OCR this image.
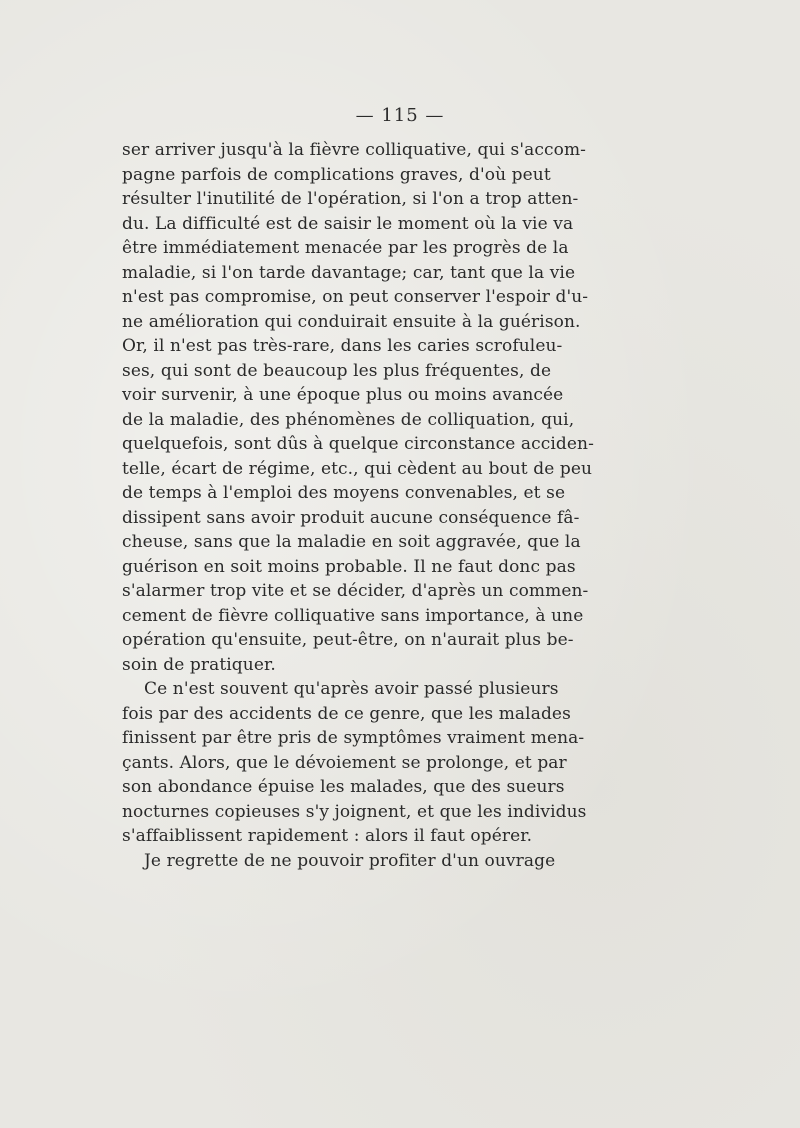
— 115 —
ser arriver jusqu'à la fièvre colliquative, qui s'accom-
pagne parfois de complications graves, d'où peut
résulter l'inutilité de l'opération, si l'on a trop atten-
du. La difficulté est de saisir le moment où la vie va
être immédiatement menacée par les progrès de la
maladie, si l'on tarde davantage; car, tant que la vie
n'est pas compromise, on peut conserver l'espoir d'u-
ne amélioration qui conduirait ensuite à la guérison.
Or, il n'est pas très-rare, dans les caries scrofuleu-
ses, qui sont de beaucoup les plus fréquentes, de
voir survenir, à une époque plus ou moins avancée
de la maladie, des phénomènes de colliquation, qui,
quelquefois, sont dûs à quelque circonstance acciden-
telle, écart de régime, etc., qui cèdent au bout de peu
de temps à l'emploi des moyens convenables, et se
dissipent sans avoir produit aucune conséquence fâ-
cheuse, sans que la maladie en soit aggravée, que la
guérison en soit moins probable. Il ne faut donc pas
s'alarmer trop vite et se décider, d'après un commen-
cement de fièvre colliquative sans importance, à une
opération qu'ensuite, peut-être, on n'aurait plus be-
soin de pratiquer.
Ce n'est souvent qu'après avoir passé plusieurs
fois par des accidents de ce genre, que les malades
finissent par être pris de symptômes vraiment mena-
çants. Alors, que le dévoiement se prolonge, et par
son abondance épuise les malades, que des sueurs
nocturnes copieuses s'y joignent, et que les individus
s'affaiblissent rapidement : alors il faut opérer.
Je regrette de ne pouvoir profiter d'un ouvrage
